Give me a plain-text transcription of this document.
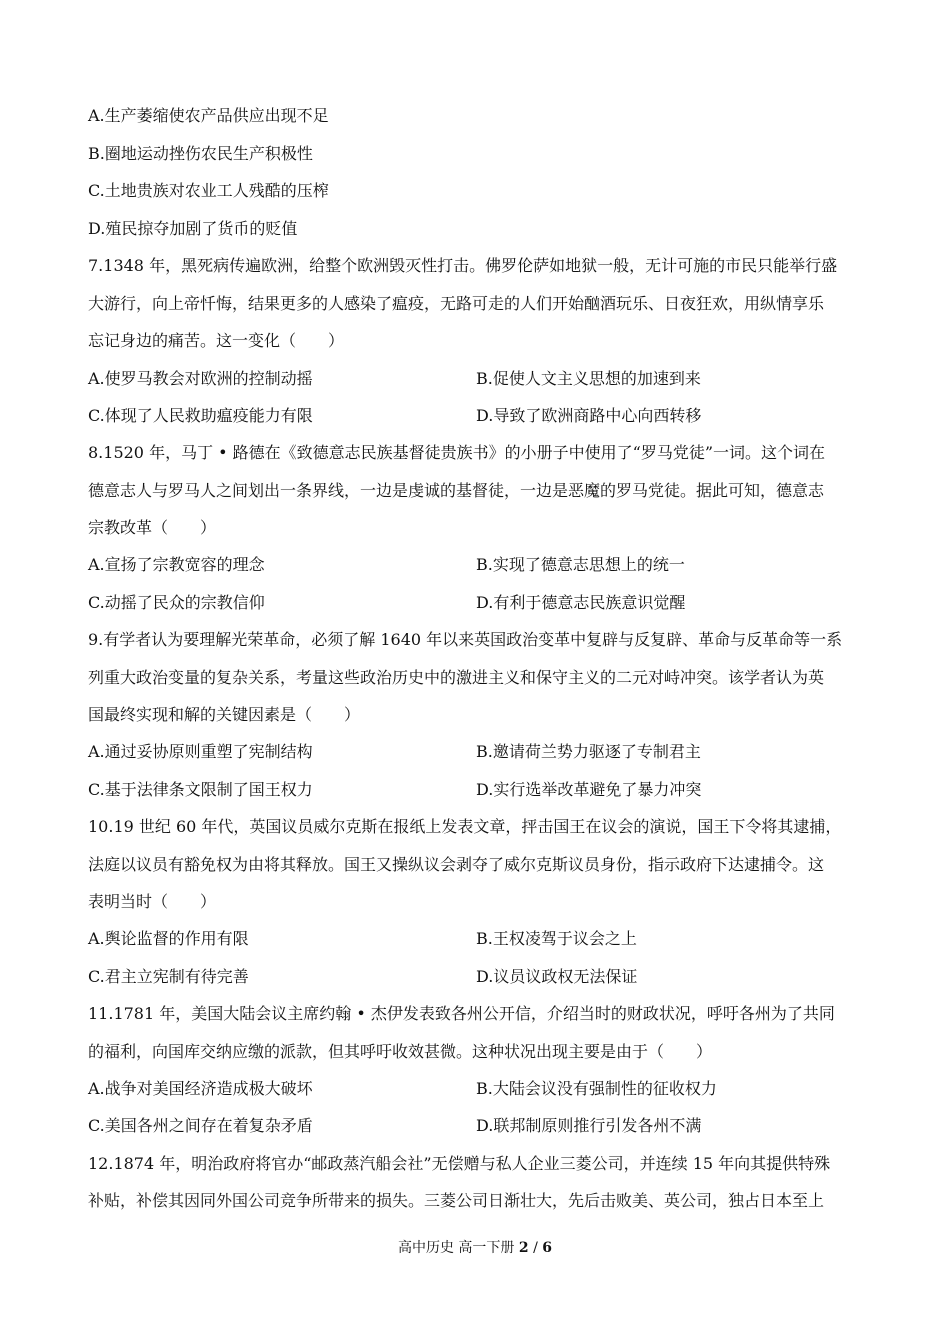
A.生产萎缩使农产品供应出现不足
B.圈地运动挫伤农民生产积极性
C.土地贵族对农业工人残酷的压榨
D.殖民掠夺加剧了货币的贬值
7.1348 年，黑死病传遍欧洲，给整个欧洲毁灭性打击。佛罗伦萨如地狱一般，无计可施的市民只能举行盛
大游行，向上帝忏悔，结果更多的人感染了瘟疫，无路可走的人们开始酗酒玩乐、日夜狂欢，用纵情享乐
忘记身边的痛苦。这一变化（　　）
A.使罗马教会对欧洲的控制动摇	B.促使人文主义思想的加速到来
C.体现了人民救助瘟疫能力有限	D.导致了欧洲商路中心向西转移
8.1520 年，马丁 • 路德在《致德意志民族基督徒贵族书》的小册子中使用了“罗马党徒”一词。这个词在
德意志人与罗马人之间划出一条界线，一边是虔诚的基督徒，一边是恶魔的罗马党徒。据此可知，德意志
宗教改革（　　）
A.宣扬了宗教宽容的理念	B.实现了德意志思想上的统一
C.动摇了民众的宗教信仰	D.有利于德意志民族意识觉醒
9.有学者认为要理解光荣革命，必须了解 1640 年以来英国政治变革中复辟与反复辟、革命与反革命等一系
列重大政治变量的复杂关系，考量这些政治历史中的激进主义和保守主义的二元对峙冲突。该学者认为英
国最终实现和解的关键因素是（　　）
A.通过妥协原则重塑了宪制结构	B.邀请荷兰势力驱逐了专制君主
C.基于法律条文限制了国王权力	D.实行选举改革避免了暴力冲突
10.19 世纪 60 年代，英国议员威尔克斯在报纸上发表文章，抨击国王在议会的演说，国王下令将其逮捕，
法庭以议员有豁免权为由将其释放。国王又操纵议会剥夺了威尔克斯议员身份，指示政府下达逮捕令。这
表明当时（　　）
A.舆论监督的作用有限	B.王权凌驾于议会之上
C.君主立宪制有待完善	D.议员议政权无法保证
11.1781 年，美国大陆会议主席约翰 • 杰伊发表致各州公开信，介绍当时的财政状况，呼吁各州为了共同
的福利，向国库交纳应缴的派款，但其呼吁收效甚微。这种状况出现主要是由于（　　）
A.战争对美国经济造成极大破坏	B.大陆会议没有强制性的征收权力
C.美国各州之间存在着复杂矛盾	D.联邦制原则推行引发各州不满
12.1874 年，明治政府将官办“邮政蒸汽船会社”无偿赠与私人企业三菱公司，并连续 15 年向其提供特殊
补贴，补偿其因同外国公司竞争所带来的损失。三菱公司日渐壮大，先后击败美、英公司，独占日本至上
高中历史 高一下册 2 / 6
